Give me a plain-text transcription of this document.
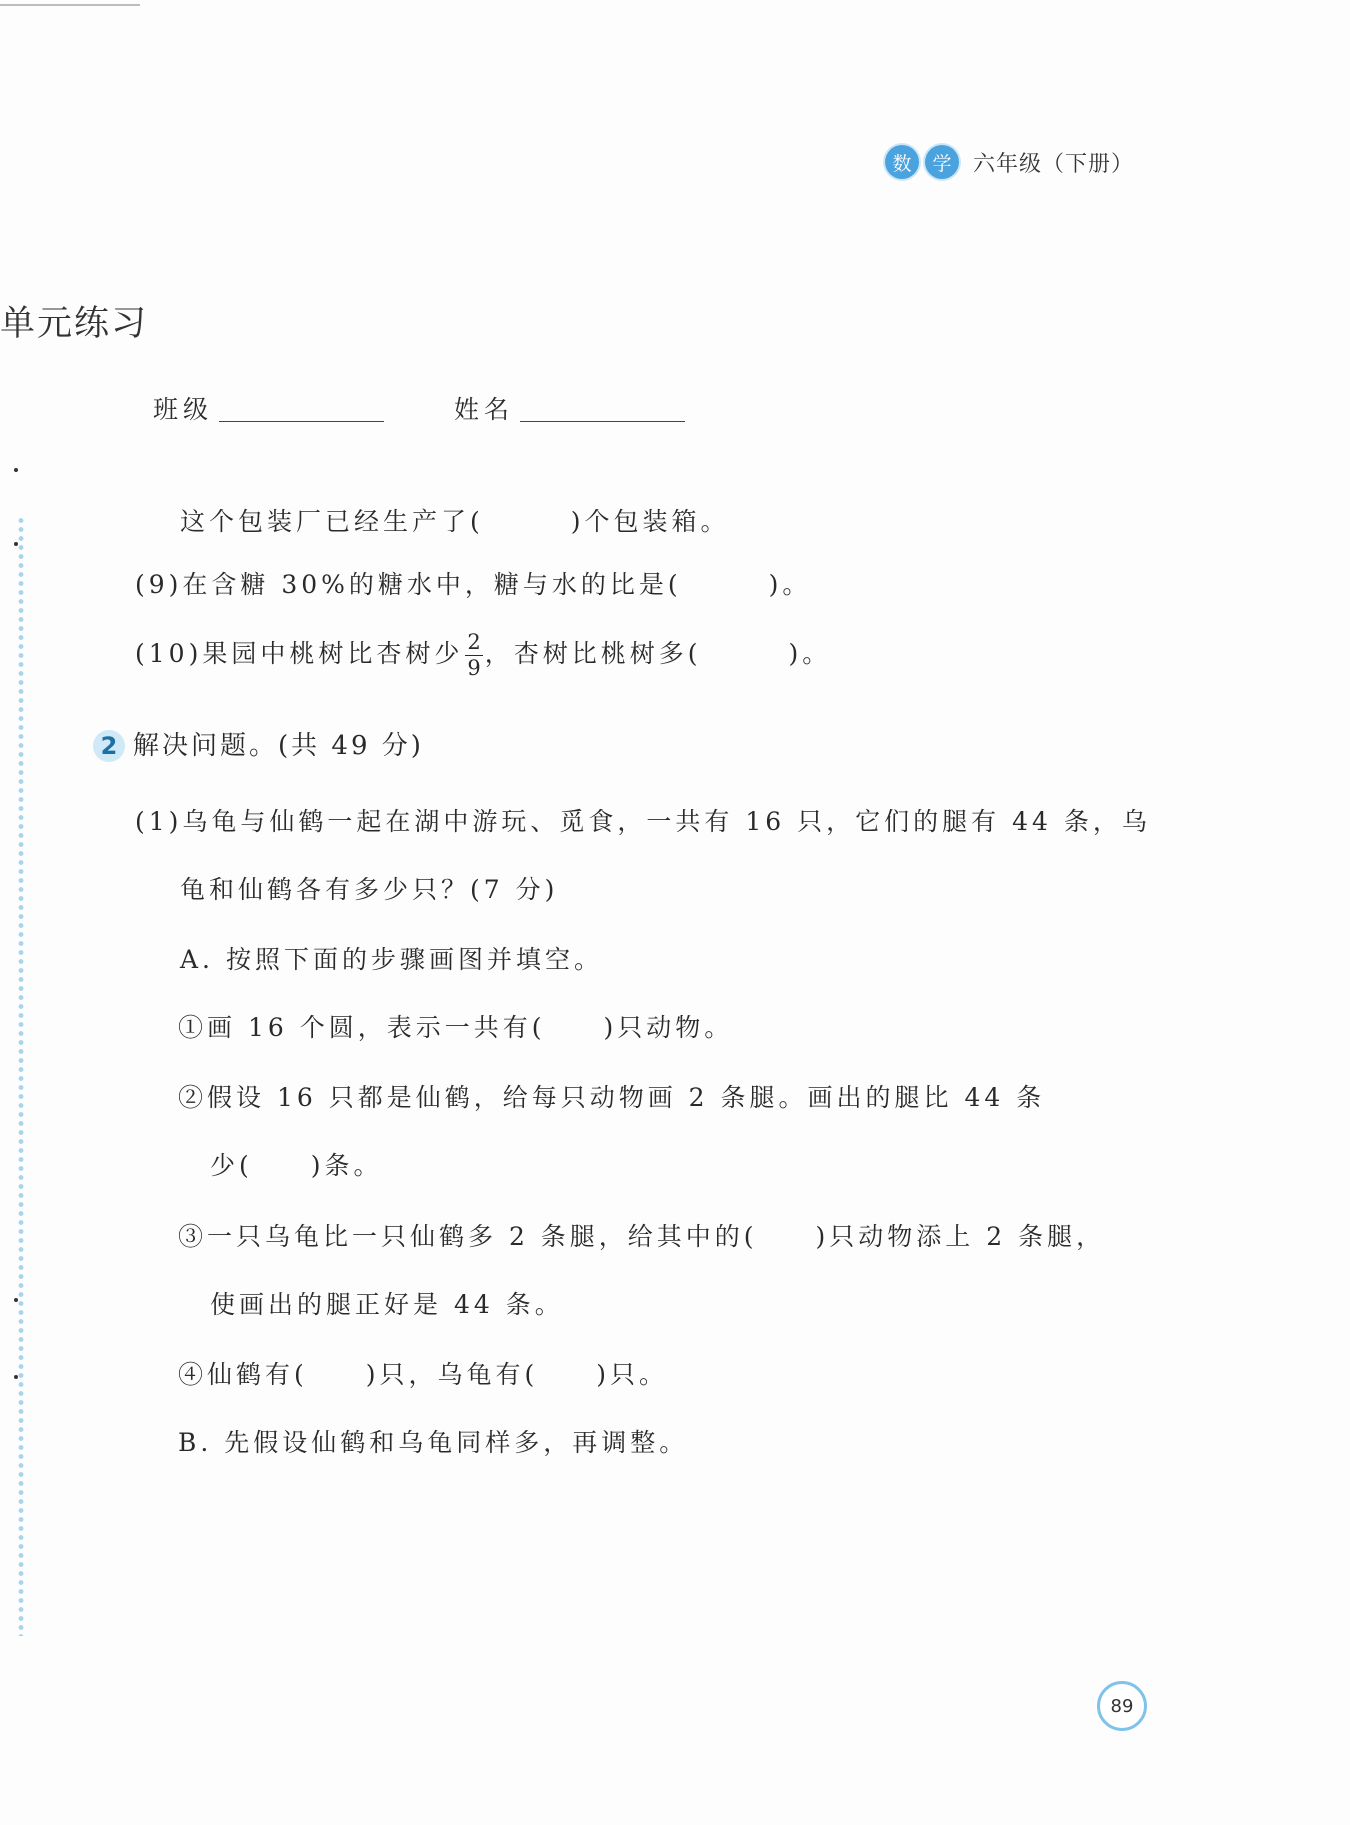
数	学 六年级（下册）
单元练习
班级	姓名
这个包装厂已经生产了(　　　)个包装箱。
(9)在含糖 30%的糖水中，糖与水的比是(　　　)。
(10)果园中桃树比杏树少 $\frac{2}{9}$ ，杏树比桃树多(　　　)。
2 解决问题。(共 49 分)
(1)乌龟与仙鹤一起在湖中游玩、觅食，一共有 16 只，它们的腿有 44 条，乌
龟和仙鹤各有多少只？(7 分)
A. 按照下面的步骤画图并填空。
①画 16 个圆，表示一共有(　　)只动物。
②假设 16 只都是仙鹤，给每只动物画 2 条腿。画出的腿比 44 条
少(　　)条。
③一只乌龟比一只仙鹤多 2 条腿，给其中的(　　)只动物添上 2 条腿，
使画出的腿正好是 44 条。
④仙鹤有(　　)只，乌龟有(　　)只。
B. 先假设仙鹤和乌龟同样多，再调整。
89
